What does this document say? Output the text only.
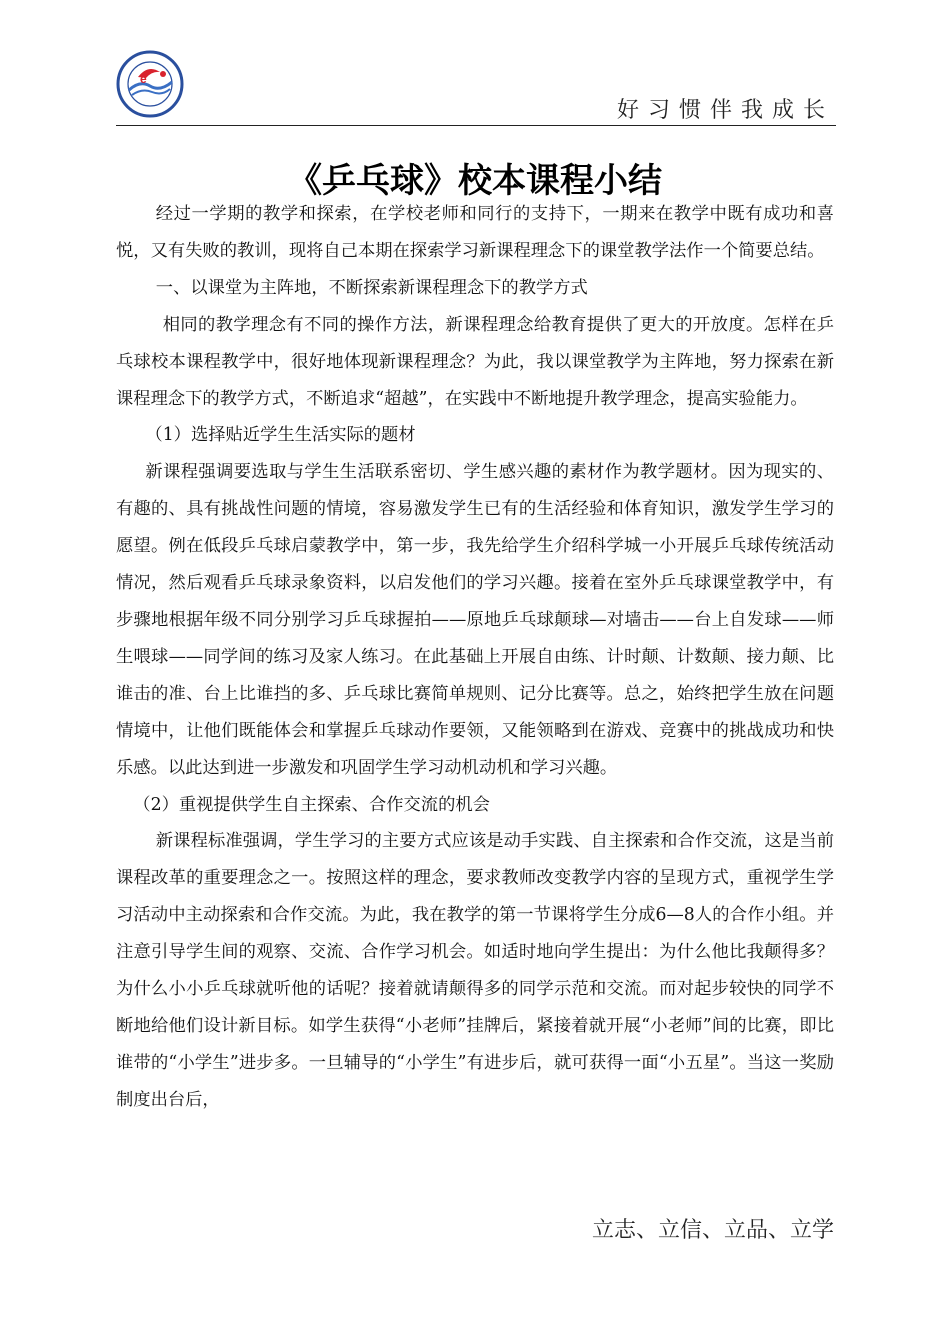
e
好习惯伴我成长
《乒乓球》校本课程小结

经过一学期的教学和探索，在学校老师和同行的支持下，一期来在教学中既有成功和喜悦，又有失败的教训，现将自己本期在探索学习新课程理念下的课堂教学法作一个简要总结。

一、以课堂为主阵地，不断探索新课程理念下的教学方式

相同的教学理念有不同的操作方法，新课程理念给教育提供了更大的开放度。怎样在乒乓球校本课程教学中，很好地体现新课程理念？为此，我以课堂教学为主阵地，努力探索在新课程理念下的教学方式，不断追求“超越”，在实践中不断地提升教学理念，提高实验能力。

（1）选择贴近学生生活实际的题材

新课程强调要选取与学生生活联系密切、学生感兴趣的素材作为教学题材。因为现实的、有趣的、具有挑战性问题的情境，容易激发学生已有的生活经验和体育知识，激发学生学习的愿望。例在低段乒乓球启蒙教学中，第一步，我先给学生介绍科学城一小开展乒乓球传统活动情况，然后观看乒乓球录象资料，以启发他们的学习兴趣。接着在室外乒乓球课堂教学中，有步骤地根据年级不同分别学习乒乓球握拍——原地乒乓球颠球—对墙击——台上自发球——师生喂球——同学间的练习及家人练习。在此基础上开展自由练、计时颠、计数颠、接力颠、比谁击的准、台上比谁挡的多、乒乓球比赛简单规则、记分比赛等。总之，始终把学生放在问题情境中，让他们既能体会和掌握乒乓球动作要领，又能领略到在游戏、竞赛中的挑战成功和快乐感。以此达到进一步激发和巩固学生学习动机动机和学习兴趣。

（2）重视提供学生自主探索、合作交流的机会

新课程标准强调，学生学习的主要方式应该是动手实践、自主探索和合作交流，这是当前课程改革的重要理念之一。按照这样的理念，要求教师改变教学内容的呈现方式，重视学生学习活动中主动探索和合作交流。为此，我在教学的第一节课将学生分成6—8人的合作小组。并注意引导学生间的观察、交流、合作学习机会。如适时地向学生提出：为什么他比我颠得多？为什么小小乒乓球就听他的话呢？接着就请颠得多的同学示范和交流。而对起步较快的同学不断地给他们设计新目标。如学生获得“小老师”挂牌后，紧接着就开展“小老师”间的比赛，即比谁带的“小学生”进步多。一旦辅导的“小学生”有进步后，就可获得一面“小五星”。当这一奖励制度出台后，

立志、立信、立品、立学
